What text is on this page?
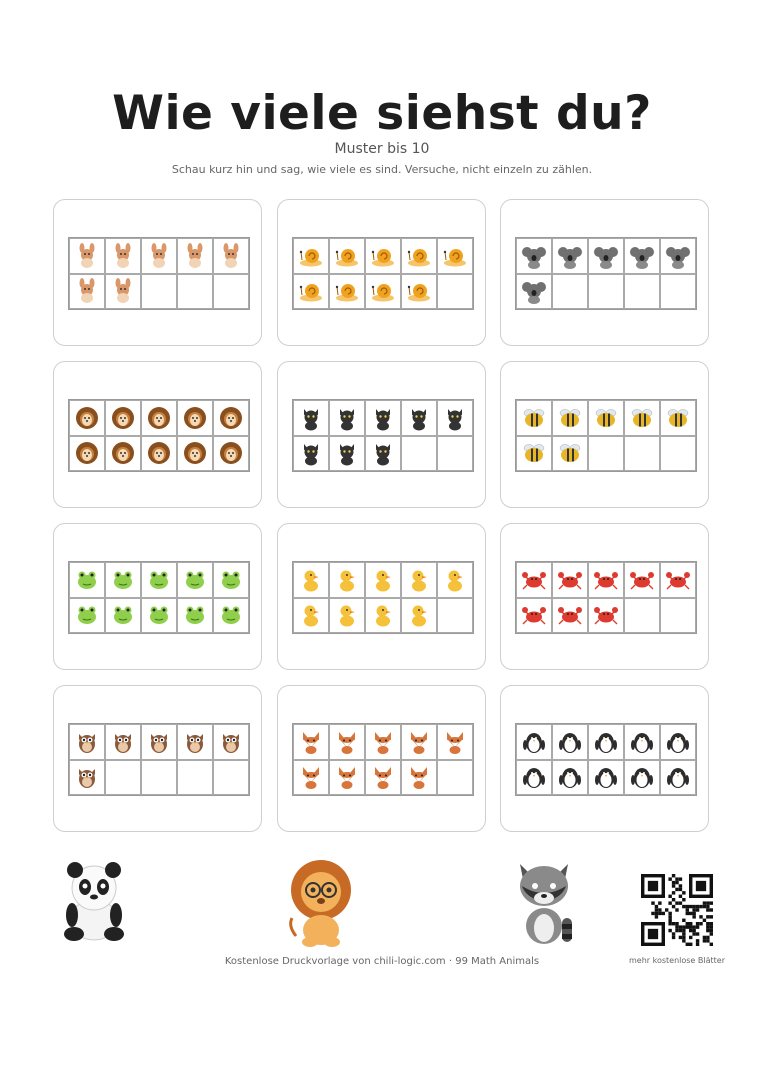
Wie viele siehst du?
Muster bis 10
Schau kurz hin und sag, wie viele es sind. Versuche, nicht einzeln zu zählen.
Kostenlose Druckvorlage von chili-logic.com · 99 Math Animals	mehr kostenlose Blätter
